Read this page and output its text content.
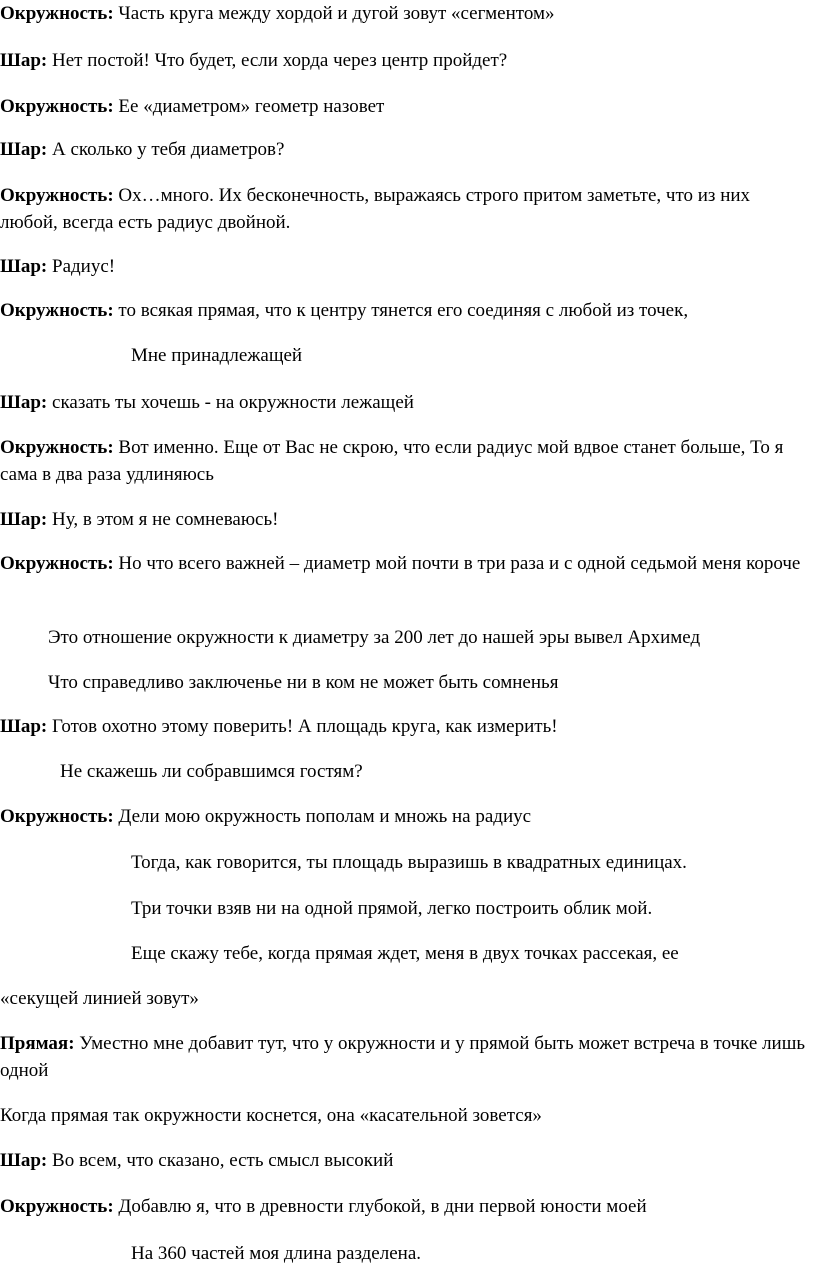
Окружность: Часть круга между хордой и дугой зовут «сегментом»

Шар: Нет постой! Что будет, если хорда через центр пройдет?

Окружность: Ее «диаметром» геометр назовет

Шар: А сколько у тебя диаметров?

Окружность: Ох…много. Их бесконечность, выражаясь строго притом заметьте, что из них любой, всегда есть радиус двойной.

Шар: Радиус!

Окружность: то всякая прямая, что к центру тянется его соединяя с любой из точек,

Мне принадлежащей

Шар: сказать ты хочешь - на окружности лежащей

Окружность: Вот именно. Еще от Вас не скрою, что если радиус мой вдвое станет больше, То я сама в два раза удлиняюсь

Шар: Ну, в этом я не сомневаюсь!

Окружность: Но что всего важней – диаметр мой почти в три раза и с одной седьмой меня короче

Это отношение окружности к диаметру за 200 лет до нашей эры вывел Архимед

Что справедливо заключенье ни в ком не может быть сомненья

Шар: Готов охотно этому поверить! А площадь круга, как измерить!

Не скажешь ли собравшимся гостям?

Окружность: Дели мою окружность пополам и множь на радиус

Тогда, как говорится, ты площадь выразишь в квадратных единицах.

Три точки взяв ни на одной прямой, легко построить облик мой.

Еще скажу тебе, когда прямая ждет, меня в двух точках рассекая, ее

«секущей линией зовут»

Прямая: Уместно мне добавит тут, что у окружности и у прямой быть может встреча в точке лишь одной

Когда прямая так окружности коснется, она «касательной зовется»

Шар: Во всем, что сказано, есть смысл высокий

Окружность: Добавлю я, что в древности глубокой, в дни первой юности моей

На 360 частей моя длина разделена.
